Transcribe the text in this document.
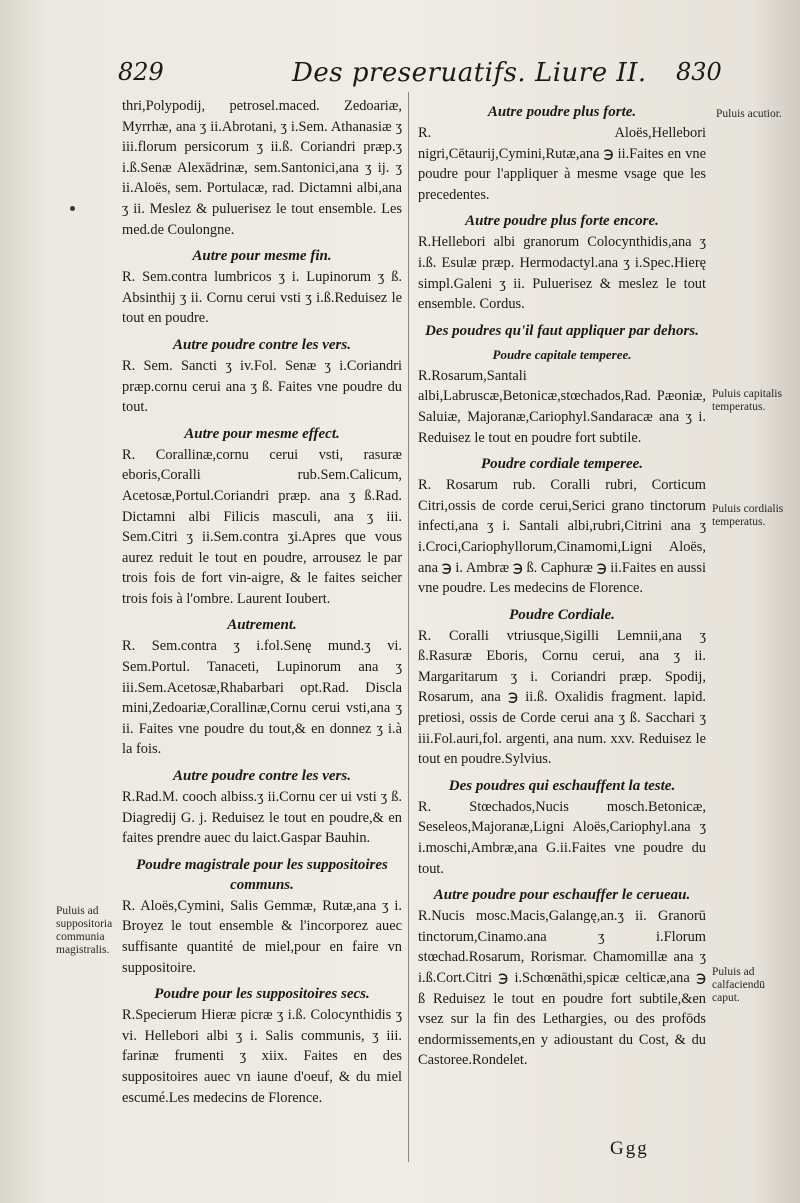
829	Des preseruatifs. Liure II. 830

thri,Polypodij, petrosel.maced. Zedoariæ, Myrrhæ, ana ʒ ii.Abrotani, ʒ i.Sem. Athanasiæ ʒ iii.florum persicorum ʒ ii.ß. Coriandri præp.ʒ i.ß.Senæ Alexādrinæ, sem.Santonici,ana ʒ ij. ʒ ii.Aloës, sem. Portulacæ, rad. Dictamni albi,ana ʒ ii. Meslez & puluerisez le tout ensemble. Les med.de Coulongne.

Autre pour mesme fin.

R. Sem.contra lumbricos ʒ i. Lupinorum ʒ ß. Absinthij ʒ ii. Cornu cerui vsti ʒ i.ß.Reduisez le tout en poudre.

Autre poudre contre les vers.

R. Sem. Sancti ʒ iv.Fol. Senæ ʒ i.Coriandri præp.cornu cerui ana ʒ ß. Faites vne poudre du tout.

Autre pour mesme effect.

R. Corallinæ,cornu cerui vsti, rasuræ eboris,Coralli rub.Sem.Calicum, Acetosæ,Portul.Coriandri præp. ana ʒ ß.Rad. Dictamni albi Filicis masculi, ana ʒ iii. Sem.Citri ʒ ii.Sem.contra ʒi.Apres que vous aurez reduit le tout en poudre, arrousez le par trois fois de fort vin-aigre, & le faites seicher trois fois à l'ombre. Laurent Ioubert.

Autrement.

R. Sem.contra ʒ i.fol.Senę mund.ʒ vi. Sem.Portul. Tanaceti, Lupinorum ana ʒ iii.Sem.Acetosæ,Rhabarbari opt.Rad. Discla mini,Zedoariæ,Corallinæ,Cornu cerui vsti,ana ʒ ii. Faites vne poudre du tout,& en donnez ʒ i.à la fois.

Autre poudre contre les vers.

R.Rad.M. cooch albiss.ʒ ii.Cornu cer ui vsti ʒ ß. Diagredij G. j. Reduisez le tout en poudre,& en faites prendre auec du laict.Gaspar Bauhin.

Poudre magistrale pour les suppositoires communs.

R. Aloës,Cymini, Salis Gemmæ, Rutæ,ana ʒ i. Broyez le tout ensemble & l'incorporez auec suffisante quantité de miel,pour en faire vn suppositoire.

Poudre pour les suppositoires secs.

R.Specierum Hieræ picræ ʒ i.ß. Colocynthidis ʒ vi. Hellebori albi ʒ i. Salis communis, ʒ iii. farinæ frumenti ʒ xiix. Faites en des suppositoires auec vn iaune d'oeuf, & du miel escumé.Les medecins de Florence.

Autre poudre plus forte.

R. Aloës,Hellebori nigri,Cētaurij,Cymini,Rutæ,ana ℈ ii.Faites en vne poudre pour l'appliquer à mesme vsage que les precedentes.

Autre poudre plus forte encore.

R.Hellebori albi granorum Colocynthidis,ana ʒ i.ß. Esulæ præp. Hermodactyl.ana ʒ i.Spec.Hierę simpl.Galeni ʒ ii. Puluerisez & meslez le tout ensemble. Cordus.

Des poudres qu'il faut appliquer par dehors.
Poudre capitale temperee.

R.Rosarum,Santali albi,Labruscæ,Betonicæ,stœchados,Rad. Pæoniæ, Saluiæ, Majoranæ,Cariophyl.Sandaracæ ana ʒ i. Reduisez le tout en poudre fort subtile.

Poudre cordiale temperee.

R. Rosarum rub. Coralli rubri, Corticum Citri,ossis de corde cerui,Serici grano tinctorum infecti,ana ʒ i. Santali albi,rubri,Citrini ana ʒ i.Croci,Cariophyllorum,Cinamomi,Ligni Aloës, ana ℈ i. Ambræ ℈ ß. Caphuræ ℈ ii.Faites en aussi vne poudre. Les medecins de Florence.

Poudre Cordiale.

R. Coralli vtriusque,Sigilli Lemnii,ana ʒ ß.Rasuræ Eboris, Cornu cerui, ana ʒ ii. Margaritarum ʒ i. Coriandri præp. Spodij, Rosarum, ana ℈ ii.ß. Oxalidis fragment. lapid. pretiosi, ossis de Corde cerui ana ʒ ß. Sacchari ʒ iii.Fol.auri,fol. argenti, ana num. xxv. Reduisez le tout en poudre.Sylvius.

Des poudres qui eschauffent la teste.

R. Stœchados,Nucis mosch.Betonicæ, Seseleos,Majoranæ,Ligni Aloës,Cariophyl.ana ʒ i.moschi,Ambræ,ana G.ii.Faites vne poudre du tout.

Autre poudre pour eschauffer le cerueau.

R.Nucis mosc.Macis,Galangę,an.ʒ ii. Granorū tinctorum,Cinamo.ana ʒ i.Florum stœchad.Rosarum, Rorismar. Chamomillæ ana ʒ i.ß.Cort.Citri ℈ i.Schœnāthi,spicæ celticæ,ana ℈ ß Reduisez le tout en poudre fort subtile,&en vsez sur la fin des Lethargies, ou des profōds endormissements,en y adioustant du Cost, & du Castoree.Rondelet.

Puluis ad suppositoria communia magistralis.
Puluis acutior.
Puluis capitalis temperatus.
Puluis cordialis temperatus.
Puluis ad calfaciendū caput.
Ggg
